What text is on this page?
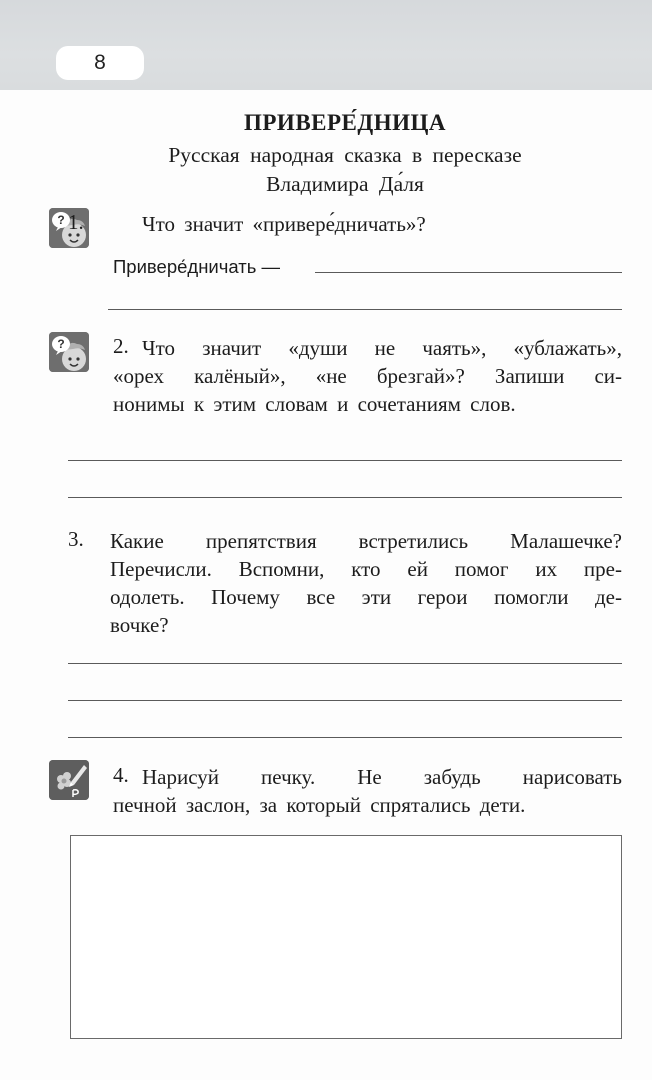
8
ПРИВЕРЕ́ДНИЦА
Русская народная сказка в пересказе
Владимира Да́ля
? 1.	Что значит «привере́дничать»?
Привере́дничать —
? 2. Что значит «души не чаять», «ублажать»,
«орех калёный», «не брезгай»? Запиши си-
нонимы к этим словам и сочетаниям слов.
3. Какие препятствия встретились Малашечке?
Перечисли. Вспомни, кто ей помог их пре-
одолеть. Почему все эти герои помогли де-
вочке?
4. Нарисуй печку. Не забудь нарисовать
печной заслон, за который спрятались дети.
